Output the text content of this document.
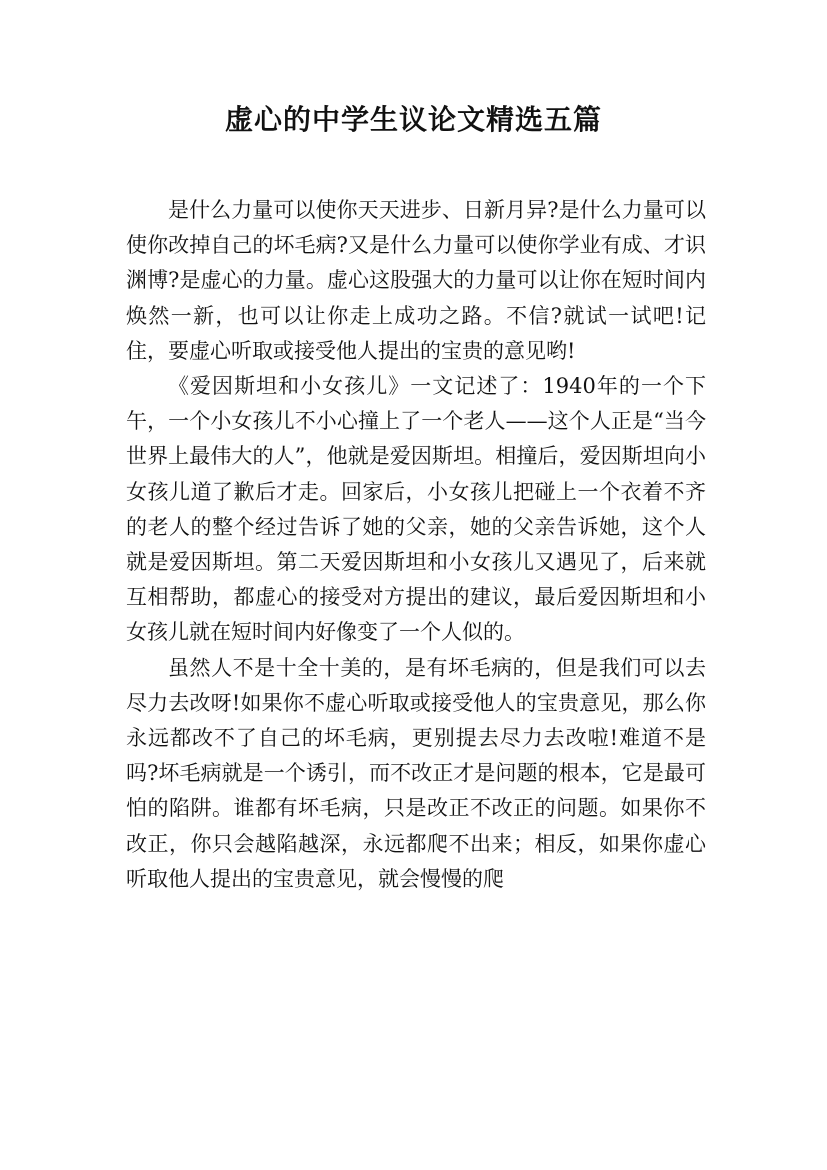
虚心的中学生议论文精选五篇

是什么力量可以使你天天进步、日新月异?是什么力量可以使你改掉自己的坏毛病?又是什么力量可以使你学业有成、才识渊博?是虚心的力量。虚心这股强大的力量可以让你在短时间内焕然一新，也可以让你走上成功之路。不信?就试一试吧!记住，要虚心听取或接受他人提出的宝贵的意见哟!

《爱因斯坦和小女孩儿》一文记述了：1940年的一个下午，一个小女孩儿不小心撞上了一个老人——这个人正是“当今世界上最伟大的人”，他就是爱因斯坦。相撞后，爱因斯坦向小女孩儿道了歉后才走。回家后，小女孩儿把碰上一个衣着不齐的老人的整个经过告诉了她的父亲，她的父亲告诉她，这个人就是爱因斯坦。第二天爱因斯坦和小女孩儿又遇见了，后来就互相帮助，都虚心的接受对方提出的建议，最后爱因斯坦和小女孩儿就在短时间内好像变了一个人似的。

虽然人不是十全十美的，是有坏毛病的，但是我们可以去尽力去改呀!如果你不虚心听取或接受他人的宝贵意见，那么你永远都改不了自己的坏毛病，更别提去尽力去改啦!难道不是吗?坏毛病就是一个诱引，而不改正才是问题的根本，它是最可怕的陷阱。谁都有坏毛病，只是改正不改正的问题。如果你不改正，你只会越陷越深，永远都爬不出来；相反，如果你虚心听取他人提出的宝贵意见，就会慢慢的爬
